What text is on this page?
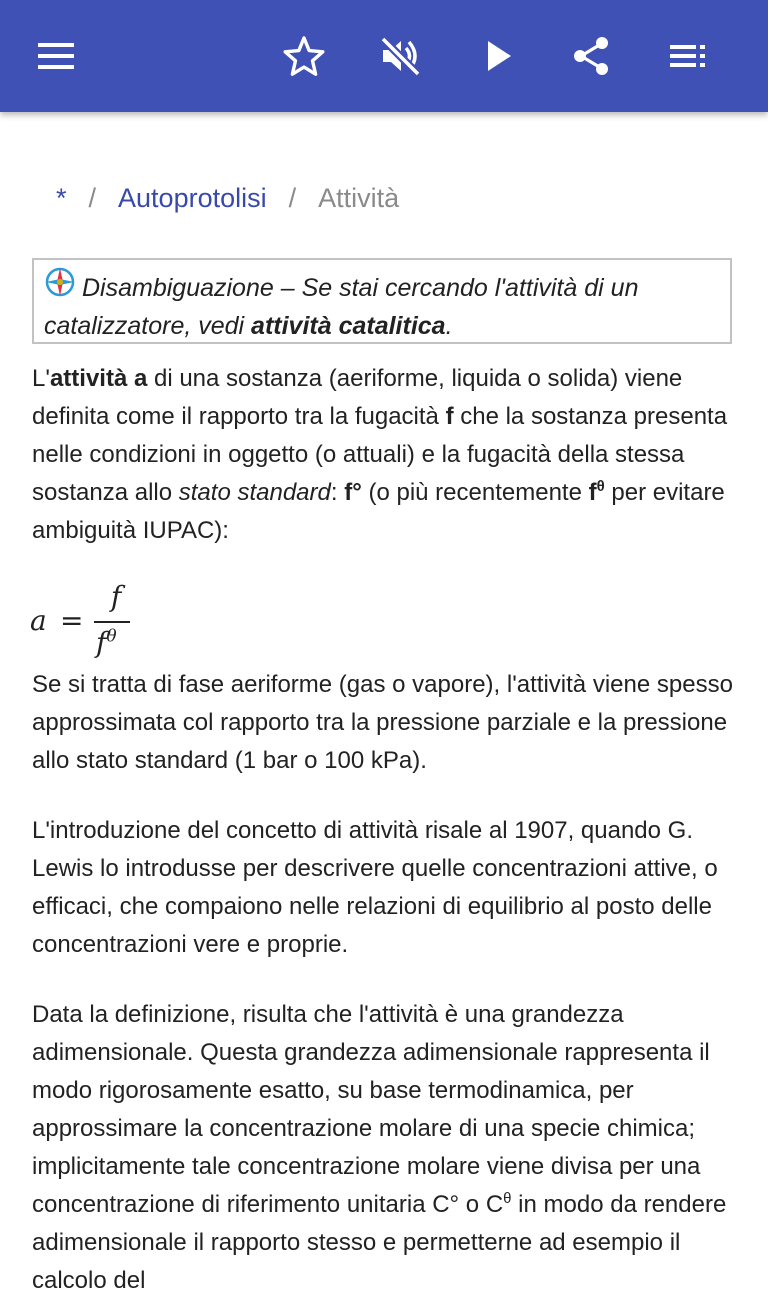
* / Autoprotolisi / Attività
Disambiguazione – Se stai cercando l'attività di un catalizzatore, vedi attività catalitica.
L'attività a di una sostanza (aeriforme, liquida o solida) viene definita come il rapporto tra la fugacità f che la sostanza presenta nelle condizioni in oggetto (o attuali) e la fugacità della stessa sostanza allo stato standard: f° (o più recentemente $f^\theta$ per evitare ambiguità IUPAC):
a =
f
$f^\theta$
Se si tratta di fase aeriforme (gas o vapore), l'attività viene spesso approssimata col rapporto tra la pressione parziale e la pressione allo stato standard (1 bar o 100 kPa).
L'introduzione del concetto di attività risale al 1907, quando G. Lewis lo introdusse per descrivere quelle concentrazioni attive, o efficaci, che compaiono nelle relazioni di equilibrio al posto delle concentrazioni vere e proprie.
Data la definizione, risulta che l'attività è una grandezza adimensionale. Questa grandezza adimensionale rappresenta il modo rigorosamente esatto, su base termodinamica, per approssimare la concentrazione molare di una specie chimica; implicitamente tale concentrazione molare viene divisa per una concentrazione di riferimento unitaria C° o $C^\theta$ in modo da rendere adimensionale il rapporto stesso e permetterne ad esempio il calcolo del
